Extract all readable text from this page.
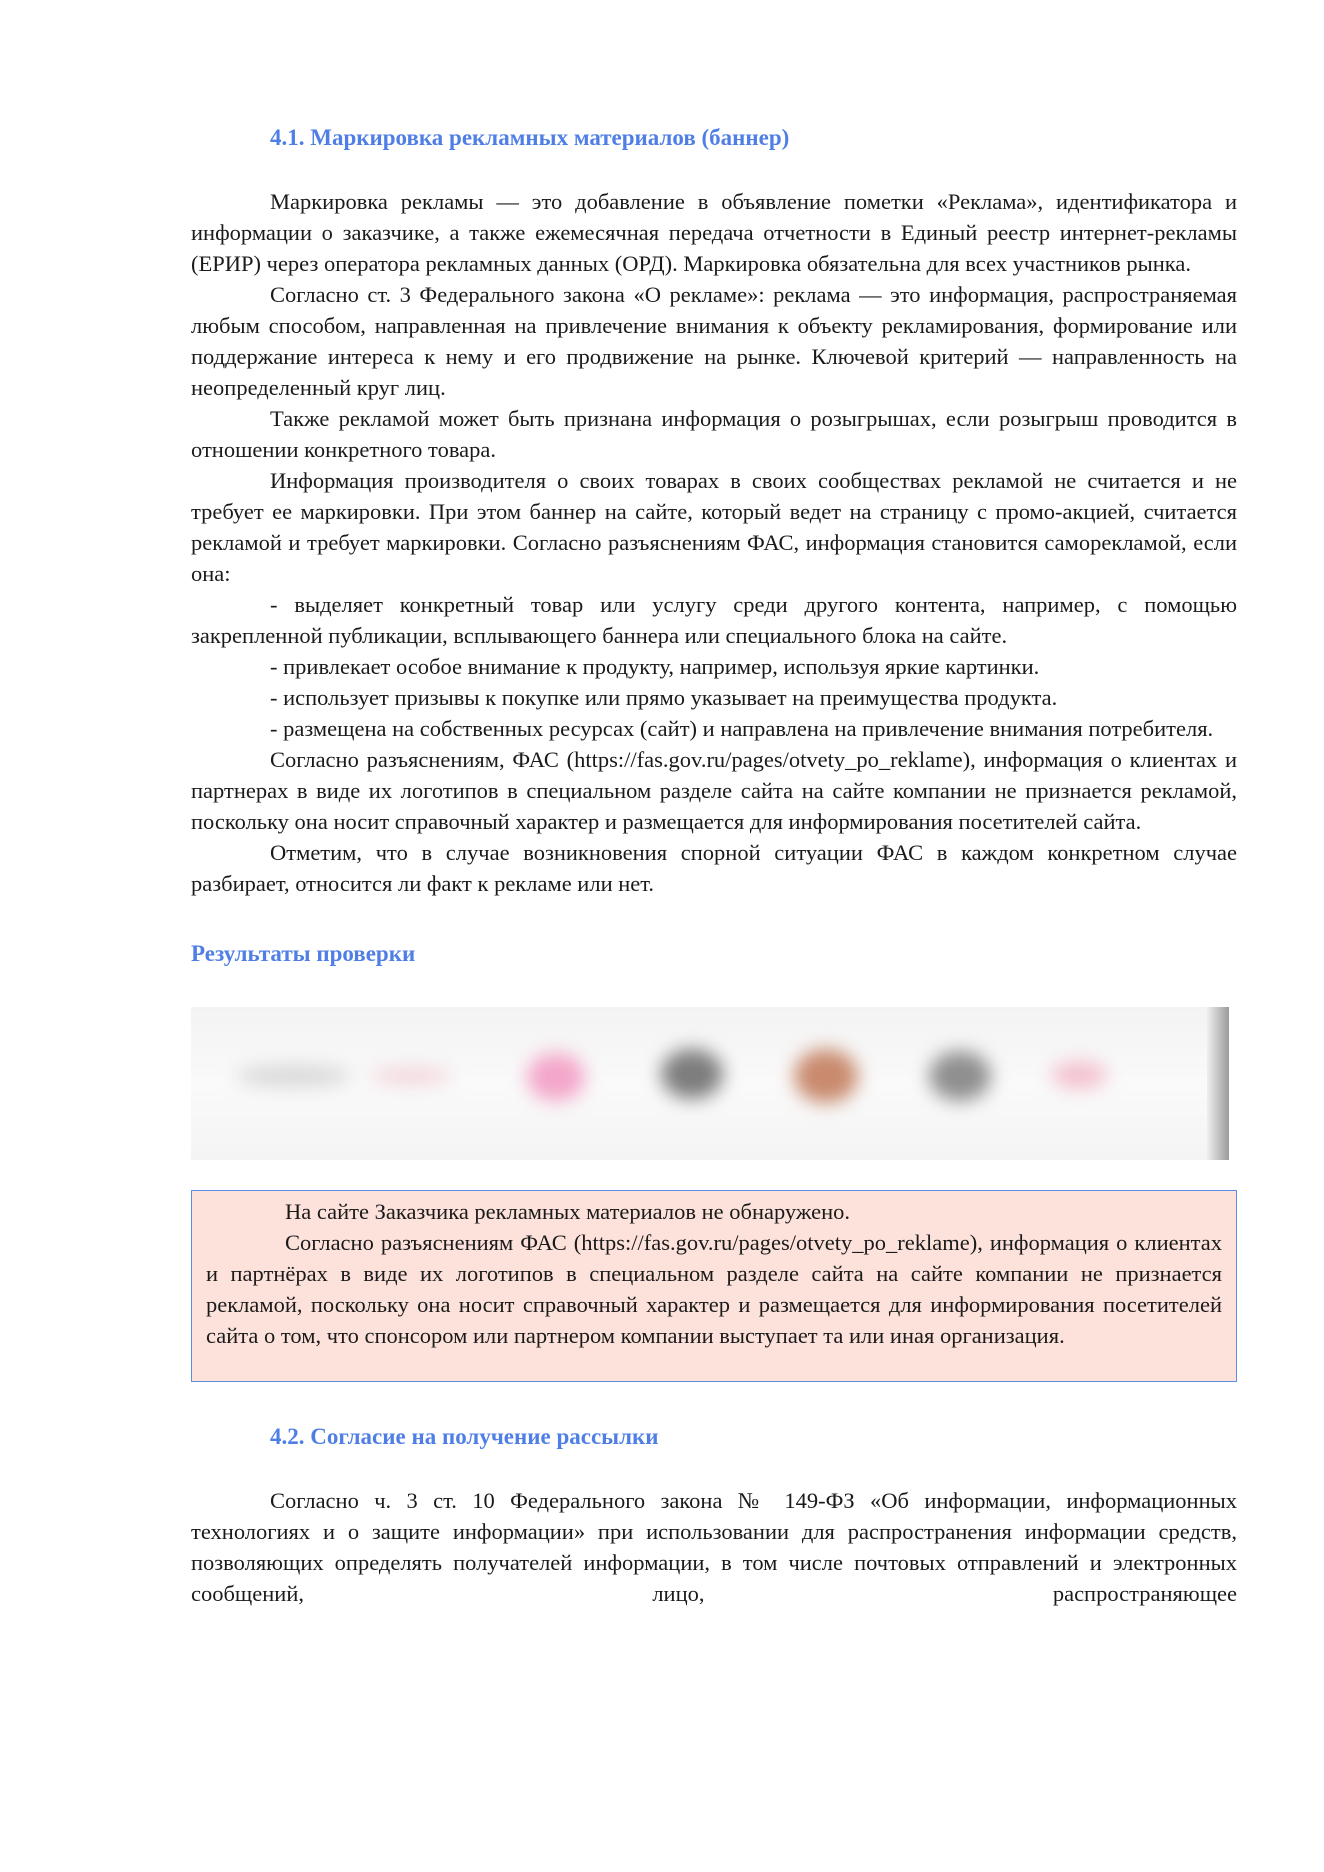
4.1. Маркировка рекламных материалов (баннер)

Маркировка рекламы — это добавление в объявление пометки «Реклама», идентификатора и информации о заказчике, а также ежемесячная передача отчетности в Единый реестр интернет-рекламы (ЕРИР) через оператора рекламных данных (ОРД). Маркировка обязательна для всех участников рынка.

Согласно ст. 3 Федерального закона «О рекламе»: реклама — это информация, распространяемая любым способом, направленная на привлечение внимания к объекту рекламирования, формирование или поддержание интереса к нему и его продвижение на рынке. Ключевой критерий — направленность на неопределенный круг лиц.

Также рекламой может быть признана информация о розыгрышах, если розыгрыш проводится в отношении конкретного товара.

Информация производителя о своих товарах в своих сообществах рекламой не считается и не требует ее маркировки. При этом баннер на сайте, который ведет на страницу с промо-акцией, считается рекламой и требует маркировки. Согласно разъяснениям ФАС, информация становится саморекламой, если она:

- выделяет конкретный товар или услугу среди другого контента, например, с помощью закрепленной публикации, всплывающего баннера или специального блока на сайте.

- привлекает особое внимание к продукту, например, используя яркие картинки.

- использует призывы к покупке или прямо указывает на преимущества продукта.

- размещена на собственных ресурсах (сайт) и направлена на привлечение внимания потребителя.

Согласно разъяснениям, ФАС (https://fas.gov.ru/pages/otvety_po_reklame), информация о клиентах и партнерах в виде их логотипов в специальном разделе сайта на сайте компании не признается рекламой, поскольку она носит справочный характер и размещается для информирования посетителей сайта.

Отметим, что в случае возникновения спорной ситуации ФАС в каждом конкретном случае разбирает, относится ли факт к рекламе или нет.

Результаты проверки

На сайте Заказчика рекламных материалов не обнаружено.

Согласно разъяснениям ФАС (https://fas.gov.ru/pages/otvety_po_reklame), информация о клиентах и партнёрах в виде их логотипов в специальном разделе сайта на сайте компании не признается рекламой, поскольку она носит справочный характер и размещается для информирования посетителей сайта о том, что спонсором или партнером компании выступает та или иная организация.

4.2. Согласие на получение рассылки

Согласно ч. 3 ст. 10 Федерального закона № 149-ФЗ «Об информации, информационных технологиях и о защите информации» при использовании для распространения информации средств, позволяющих определять получателей информации, в том числе почтовых отправлений и электронных сообщений, лицо, распространяющее
